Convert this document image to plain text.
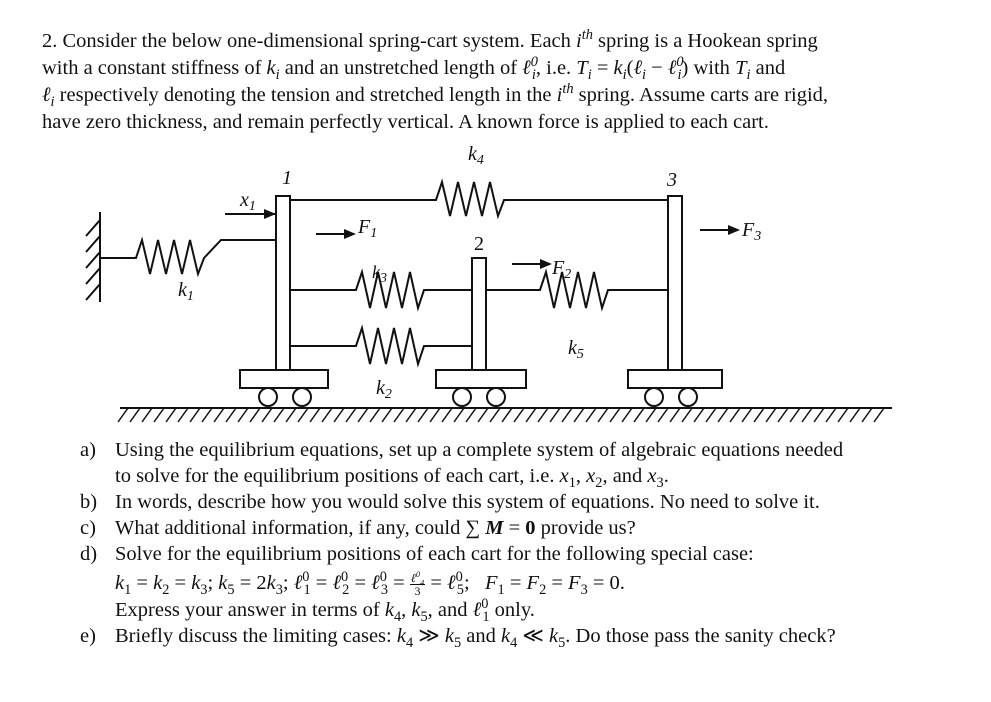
2. Consider the below one-dimensional spring-cart system. Each $i^{th}$ spring is a Hookean spring

with a constant stiffness of $k_i$ and an unstretched length of ℓ$^0_i$, i.e. $T_i$ = $k_i(\ell_i$ − ℓ$^0_i$) with $T_i$ and

ℓ$_i$ respectively denoting the tension and stretched length in the $i^{th}$ spring. Assume carts are rigid,

have zero thickness, and remain perfectly vertical. A known force is applied to each cart.

$k_4$
$k_1$
$k_3$
$k_2$
$k_5$
$x_1$
1
2
3
$F_1$
$F_2$
$F_3$
a) Using the equilibrium equations, set up a complete system of algebraic equations needed
to solve for the equilibrium positions of each cart, i.e. $x_1$, $x_2$, and $x_3$.
b) In words, describe how you would solve this system of equations. No need to solve it.
c) What additional information, if any, could ∑ M = 0 provide us?
d) Solve for the equilibrium positions of each cart for the following special case:
$k_1 = k_2 = k_3$; $k_5 = 2k_3$; ℓ$^0_1$ = ℓ$^0_2$ = ℓ$^0_3$ = $\frac{\ell^0_4}{3}$ = ℓ$^0_5$;   $F_1 = F_2 = F_3 = 0$.
Express your answer in terms of $k_4$, $k_5$, and ℓ$^0_1$ only.
e) Briefly discuss the limiting cases: $k_4$ ≫ $k_5$ and $k_4$ ≪ $k_5$. Do those pass the sanity check?
